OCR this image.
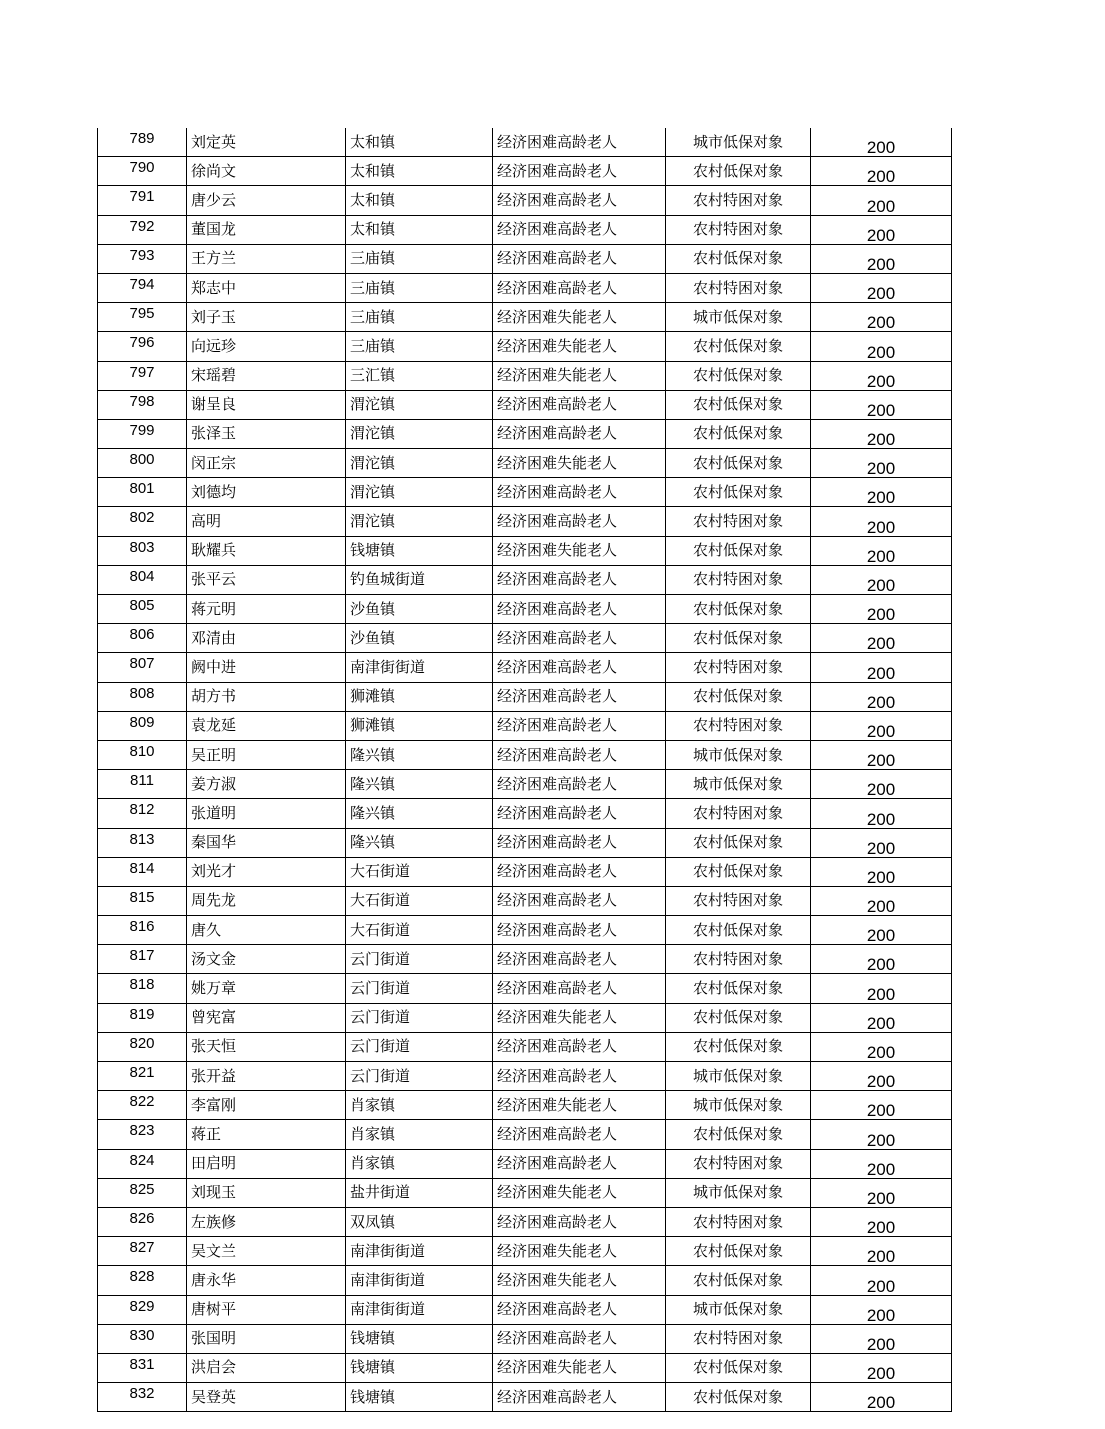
789	刘定英	太和镇	经济困难高龄老人	城市低保对象	200
790	徐尚文	太和镇	经济困难高龄老人	农村低保对象	200
791	唐少云	太和镇	经济困难高龄老人	农村特困对象	200
792	董国龙	太和镇	经济困难高龄老人	农村特困对象	200
793	王方兰	三庙镇	经济困难高龄老人	农村低保对象	200
794	郑志中	三庙镇	经济困难高龄老人	农村特困对象	200
795	刘子玉	三庙镇	经济困难失能老人	城市低保对象	200
796	向远珍	三庙镇	经济困难失能老人	农村低保对象	200
797	宋瑶碧	三汇镇	经济困难失能老人	农村低保对象	200
798	谢呈良	渭沱镇	经济困难高龄老人	农村低保对象	200
799	张泽玉	渭沱镇	经济困难高龄老人	农村低保对象	200
800	闵正宗	渭沱镇	经济困难失能老人	农村低保对象	200
801	刘德均	渭沱镇	经济困难高龄老人	农村低保对象	200
802	高明	渭沱镇	经济困难高龄老人	农村特困对象	200
803	耿耀兵	钱塘镇	经济困难失能老人	农村低保对象	200
804	张平云	钓鱼城街道	经济困难高龄老人	农村特困对象	200
805	蒋元明	沙鱼镇	经济困难高龄老人	农村低保对象	200
806	邓清由	沙鱼镇	经济困难高龄老人	农村低保对象	200
807	阙中进	南津街街道	经济困难高龄老人	农村特困对象	200
808	胡方书	狮滩镇	经济困难高龄老人	农村低保对象	200
809	袁龙延	狮滩镇	经济困难高龄老人	农村特困对象	200
810	吴正明	隆兴镇	经济困难高龄老人	城市低保对象	200
811	姜方淑	隆兴镇	经济困难高龄老人	城市低保对象	200
812	张道明	隆兴镇	经济困难高龄老人	农村特困对象	200
813	秦国华	隆兴镇	经济困难高龄老人	农村低保对象	200
814	刘光才	大石街道	经济困难高龄老人	农村低保对象	200
815	周先龙	大石街道	经济困难高龄老人	农村特困对象	200
816	唐久	大石街道	经济困难高龄老人	农村低保对象	200
817	汤文金	云门街道	经济困难高龄老人	农村特困对象	200
818	姚万章	云门街道	经济困难高龄老人	农村低保对象	200
819	曾宪富	云门街道	经济困难失能老人	农村低保对象	200
820	张天恒	云门街道	经济困难高龄老人	农村低保对象	200
821	张开益	云门街道	经济困难高龄老人	城市低保对象	200
822	李富刚	肖家镇	经济困难失能老人	城市低保对象	200
823	蒋正	肖家镇	经济困难高龄老人	农村低保对象	200
824	田启明	肖家镇	经济困难高龄老人	农村特困对象	200
825	刘现玉	盐井街道	经济困难失能老人	城市低保对象	200
826	左族修	双凤镇	经济困难高龄老人	农村特困对象	200
827	吴文兰	南津街街道	经济困难失能老人	农村低保对象	200
828	唐永华	南津街街道	经济困难失能老人	农村低保对象	200
829	唐树平	南津街街道	经济困难高龄老人	城市低保对象	200
830	张国明	钱塘镇	经济困难高龄老人	农村特困对象	200
831	洪启会	钱塘镇	经济困难失能老人	农村低保对象	200
832	吴登英	钱塘镇	经济困难高龄老人	农村低保对象	200
